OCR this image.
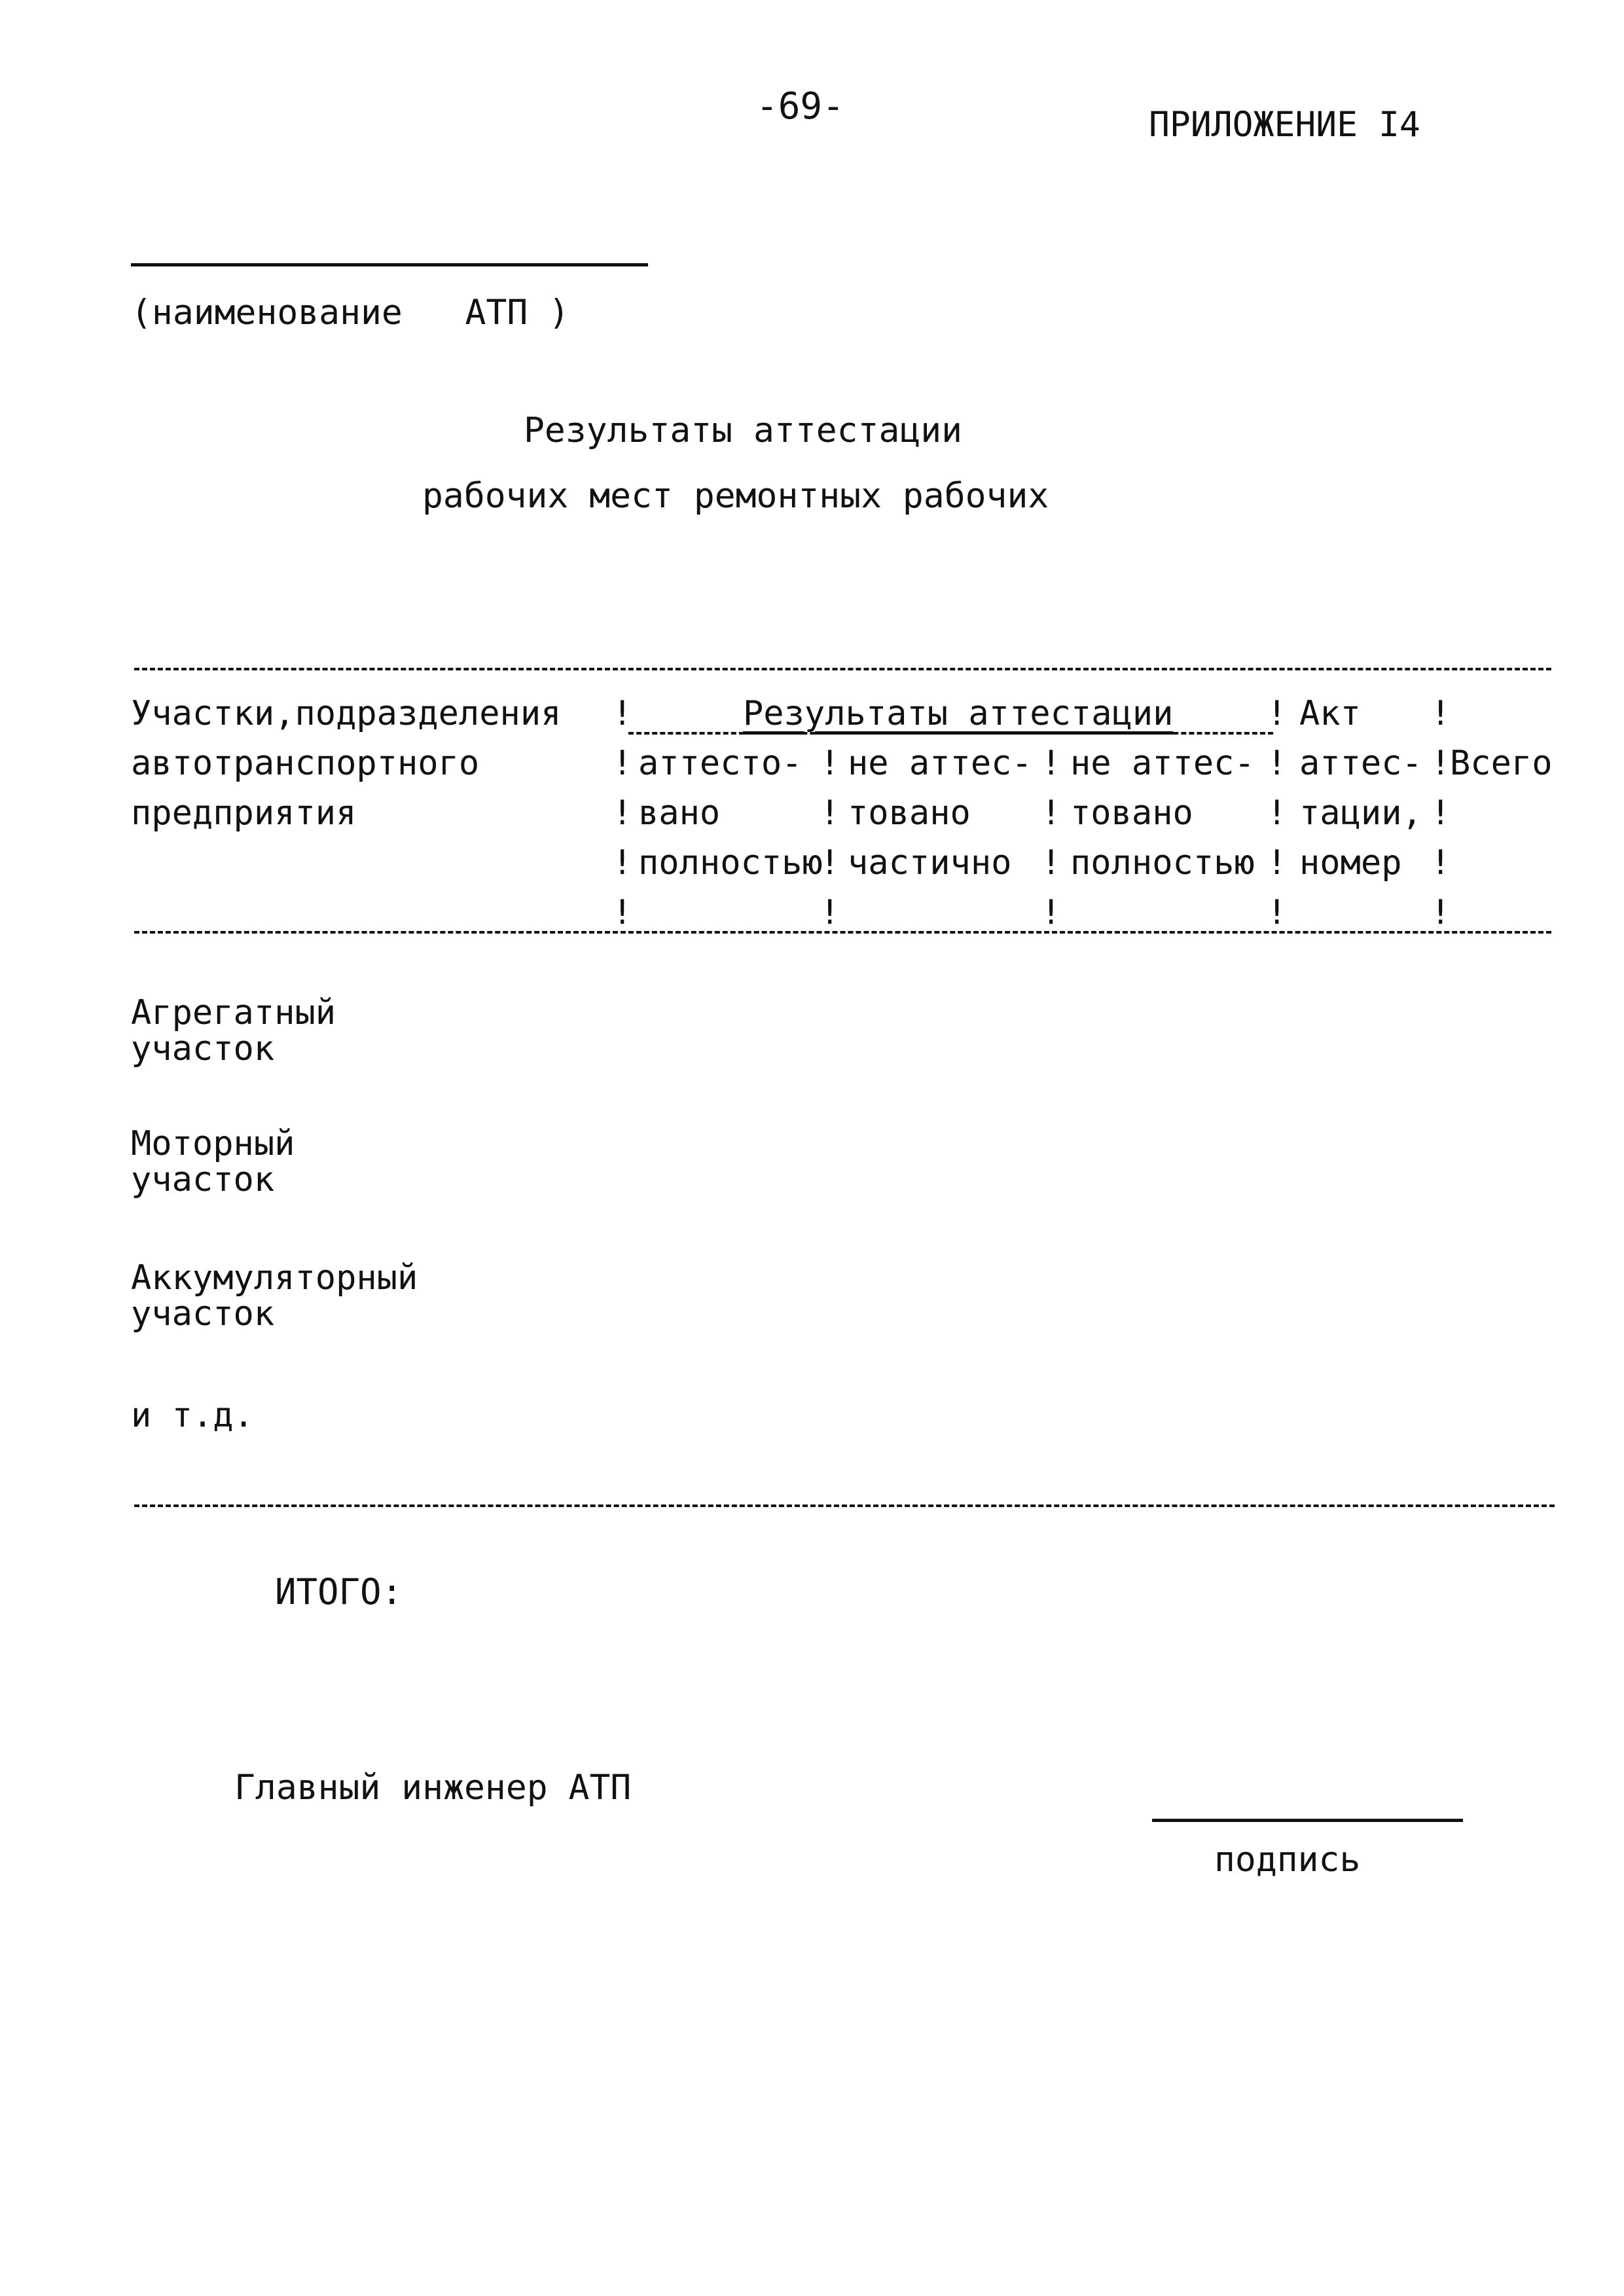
-69-	ПРИЛОЖЕНИЕ I4
(наименование   АТП )
Результаты аттестации
рабочих мест ремонтных рабочих
Участки,подразделения
автотранспортного
предприятия
Результаты аттестации
аттесто-
вано
полностью
не аттес-
товано
частично
не аттес-
товано
полностью
Акт
аттес-
тации,
номер
Всего
!
!
!
!
!
!
!
!
!
!
!
!
!
!
!
!
!
!
!
!
!
!
!
Агрегатный
участок
Моторный
участок
Аккумуляторный
участок
и т.д.
ИТОГО:
Главный инженер АТП
подпись
